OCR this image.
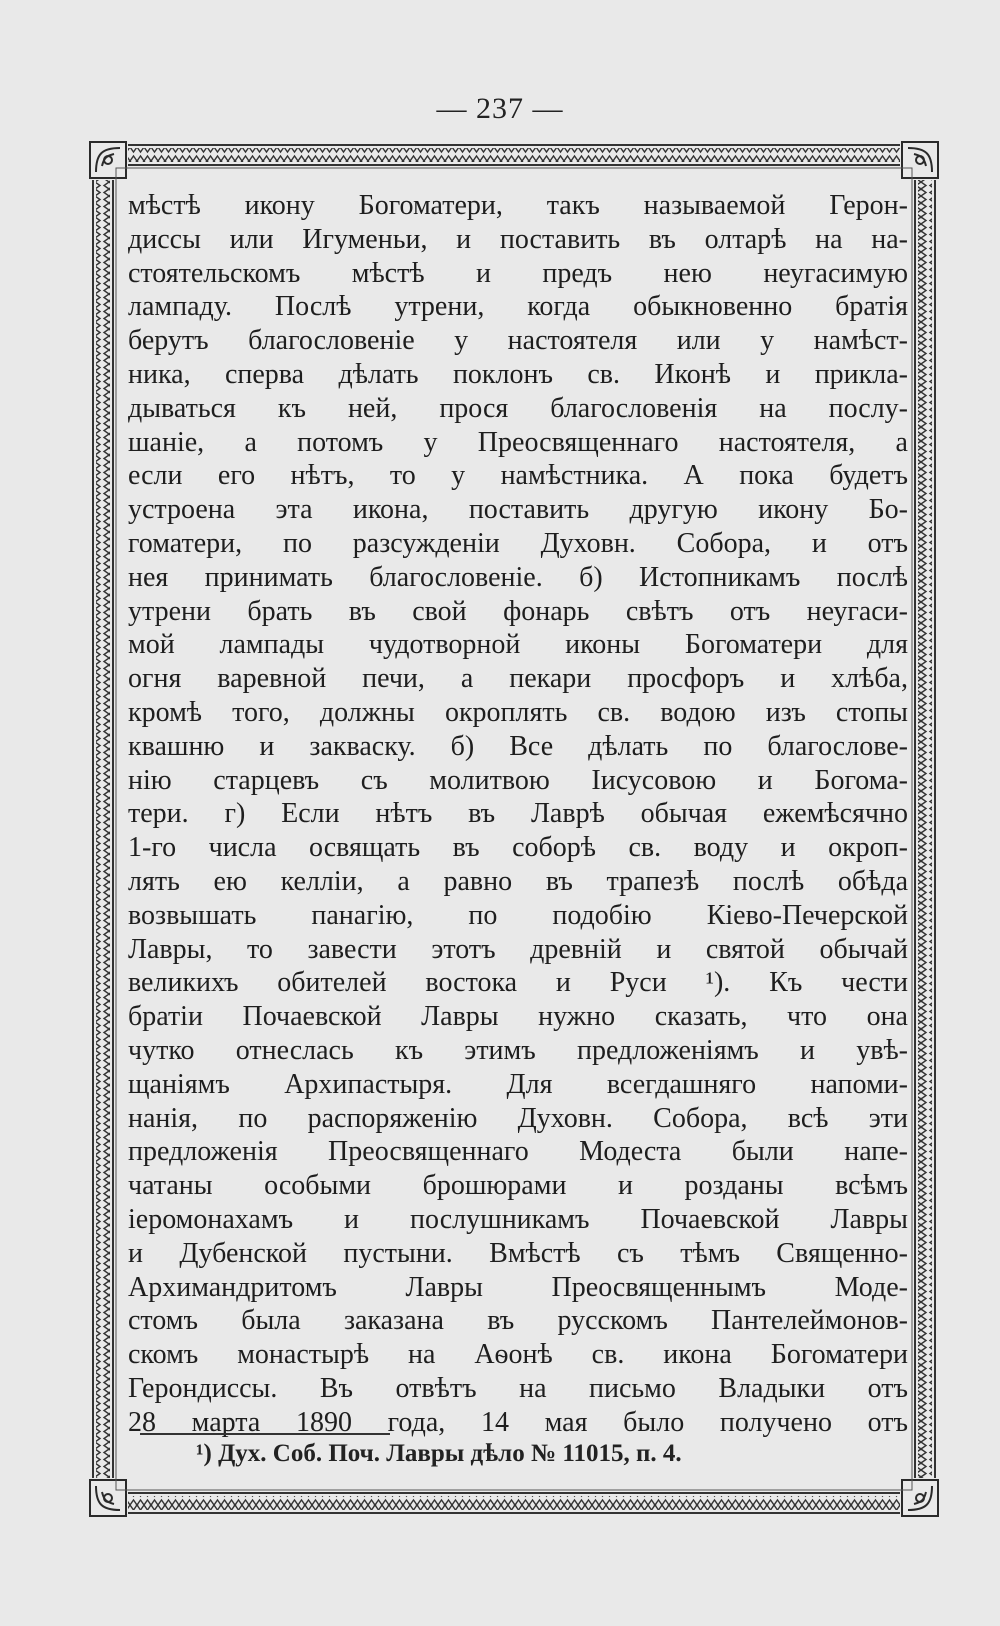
— 237 —
мѣстѣ икону Богоматери, такъ называемой Герон-
диссы или Игуменьи, и поставить въ олтарѣ на на-
стоятельскомъ мѣстѣ и предъ нею неугасимую
лампаду. Послѣ утрени, когда обыкновенно братія
берутъ благословеніе у настоятеля или у намѣст-
ника, сперва дѣлать поклонъ св. Иконѣ и прикла-
дываться къ ней, прося благословенія на послу-
шаніе, а потомъ у Преосвященнаго настоятеля, а
если его нѣтъ, то у намѣстника. А пока будетъ
устроена эта икона, поставить другую икону Бо-
гоматери, по разсужденіи Духовн. Собора, и отъ
нея принимать благословеніе. б) Истопникамъ послѣ
утрени брать въ свой фонарь свѣтъ отъ неугаси-
мой лампады чудотворной иконы Богоматери для
огня варевной печи, а пекари просфоръ и хлѣба,
кромѣ того, должны окроплять св. водою изъ стопы
квашню и закваску. б) Все дѣлать по благослове-
нію старцевъ съ молитвою Іисусовою и Богома-
тери. г) Если нѣтъ въ Лаврѣ обычая ежемѣсячно
1-го числа освящать въ соборѣ св. воду и окроп-
лять ею келліи, а равно въ трапезѣ послѣ обѣда
возвышать панагію, по подобію Кіево-Печерской
Лавры, то завести этотъ древній и святой обычай
великихъ обителей востока и Руси ¹). Къ чести
братіи Почаевской Лавры нужно сказать, что она
чутко отнеслась къ этимъ предложеніямъ и увѣ-
щаніямъ Архипастыря. Для всегдашняго напоми-
нанія, по распоряженію Духовн. Собора, всѣ эти
предложенія Преосвященнаго Модеста были напе-
чатаны особыми брошюрами и розданы всѣмъ
іеромонахамъ и послушникамъ Почаевской Лавры
и Дубенской пустыни. Вмѣстѣ съ тѣмъ Священно-
Архимандритомъ Лавры Преосвященнымъ Моде-
стомъ была заказана въ русскомъ Пантелеймонов-
скомъ монастырѣ на Аѳонѣ св. икона Богоматери
Герондиссы. Въ отвѣтъ на письмо Владыки отъ
28 марта 1890 года, 14 мая было получено отъ
¹) Дух. Соб. Поч. Лавры дѣло № 11015, п. 4.
